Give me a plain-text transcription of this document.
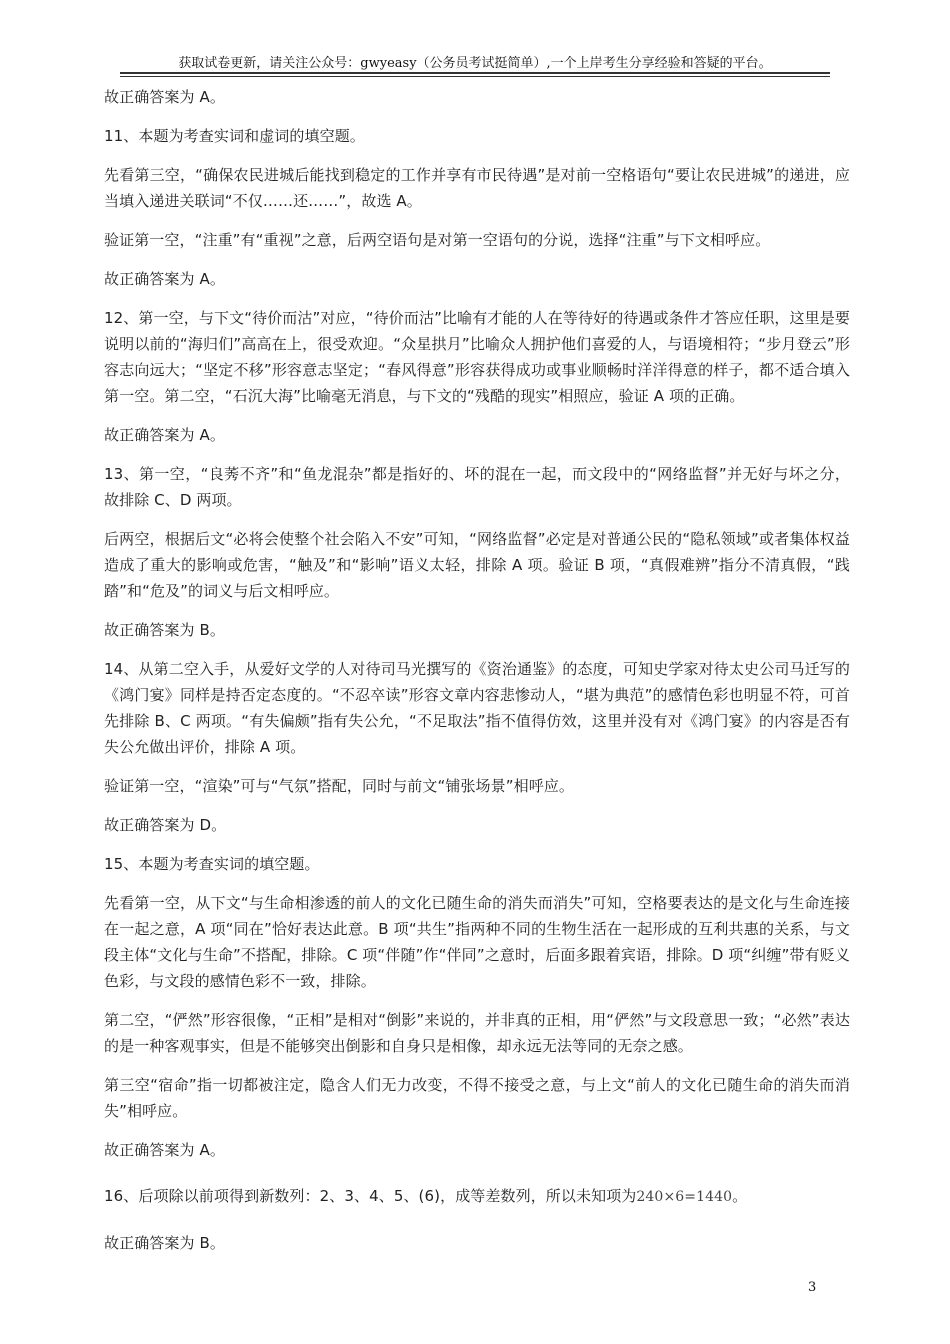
获取试卷更新，请关注公众号：gwyeasy（公务员考试挺简单）,一个上岸考生分享经验和答疑的平台。

故正确答案为 A。

11、本题为考查实词和虚词的填空题。

先看第三空，“确保农民进城后能找到稳定的工作并享有市民待遇”是对前一空格语句“要让农民进城”的递进，应当填入递进关联词“不仅……还……”，故选 A。

验证第一空，“注重”有“重视”之意，后两空语句是对第一空语句的分说，选择“注重”与下文相呼应。

故正确答案为 A。

12、第一空，与下文“待价而沽”对应，“待价而沽”比喻有才能的人在等待好的待遇或条件才答应任职，这里是要说明以前的“海归们”高高在上，很受欢迎。“众星拱月”比喻众人拥护他们喜爱的人，与语境相符；“步月登云”形容志向远大；“坚定不移”形容意志坚定；“春风得意”形容获得成功或事业顺畅时洋洋得意的样子，都不适合填入第一空。第二空，“石沉大海”比喻毫无消息，与下文的“残酷的现实”相照应，验证 A 项的正确。

故正确答案为 A。

13、第一空，“良莠不齐”和“鱼龙混杂”都是指好的、坏的混在一起，而文段中的“网络监督”并无好与坏之分，故排除 C、D 两项。

后两空，根据后文“必将会使整个社会陷入不安”可知，“网络监督”必定是对普通公民的“隐私领域”或者集体权益造成了重大的影响或危害，“触及”和“影响”语义太轻，排除 A 项。验证 B 项，“真假难辨”指分不清真假，“践踏”和“危及”的词义与后文相呼应。

故正确答案为 B。

14、从第二空入手，从爱好文学的人对待司马光撰写的《资治通鉴》的态度，可知史学家对待太史公司马迁写的《鸿门宴》同样是持否定态度的。“不忍卒读”形容文章内容悲惨动人，“堪为典范”的感情色彩也明显不符，可首先排除 B、C 两项。“有失偏颇”指有失公允，“不足取法”指不值得仿效，这里并没有对《鸿门宴》的内容是否有失公允做出评价，排除 A 项。

验证第一空，“渲染”可与“气氛”搭配，同时与前文“铺张场景”相呼应。

故正确答案为 D。

15、本题为考查实词的填空题。

先看第一空，从下文“与生命相渗透的前人的文化已随生命的消失而消失”可知，空格要表达的是文化与生命连接在一起之意，A 项“同在”恰好表达此意。B 项“共生”指两种不同的生物生活在一起形成的互利共惠的关系，与文段主体“文化与生命”不搭配，排除。C 项“伴随”作“伴同”之意时，后面多跟着宾语，排除。D 项“纠缠”带有贬义色彩，与文段的感情色彩不一致，排除。

第二空，“俨然”形容很像，“正相”是相对“倒影”来说的，并非真的正相，用“俨然”与文段意思一致；“必然”表达的是一种客观事实，但是不能够突出倒影和自身只是相像，却永远无法等同的无奈之感。

第三空“宿命”指一切都被注定，隐含人们无力改变，不得不接受之意，与上文“前人的文化已随生命的消失而消失”相呼应。

故正确答案为 A。

16、后项除以前项得到新数列：2、3、4、5、(6)，成等差数列，所以未知项为240×6=1440。

故正确答案为 B。

3
